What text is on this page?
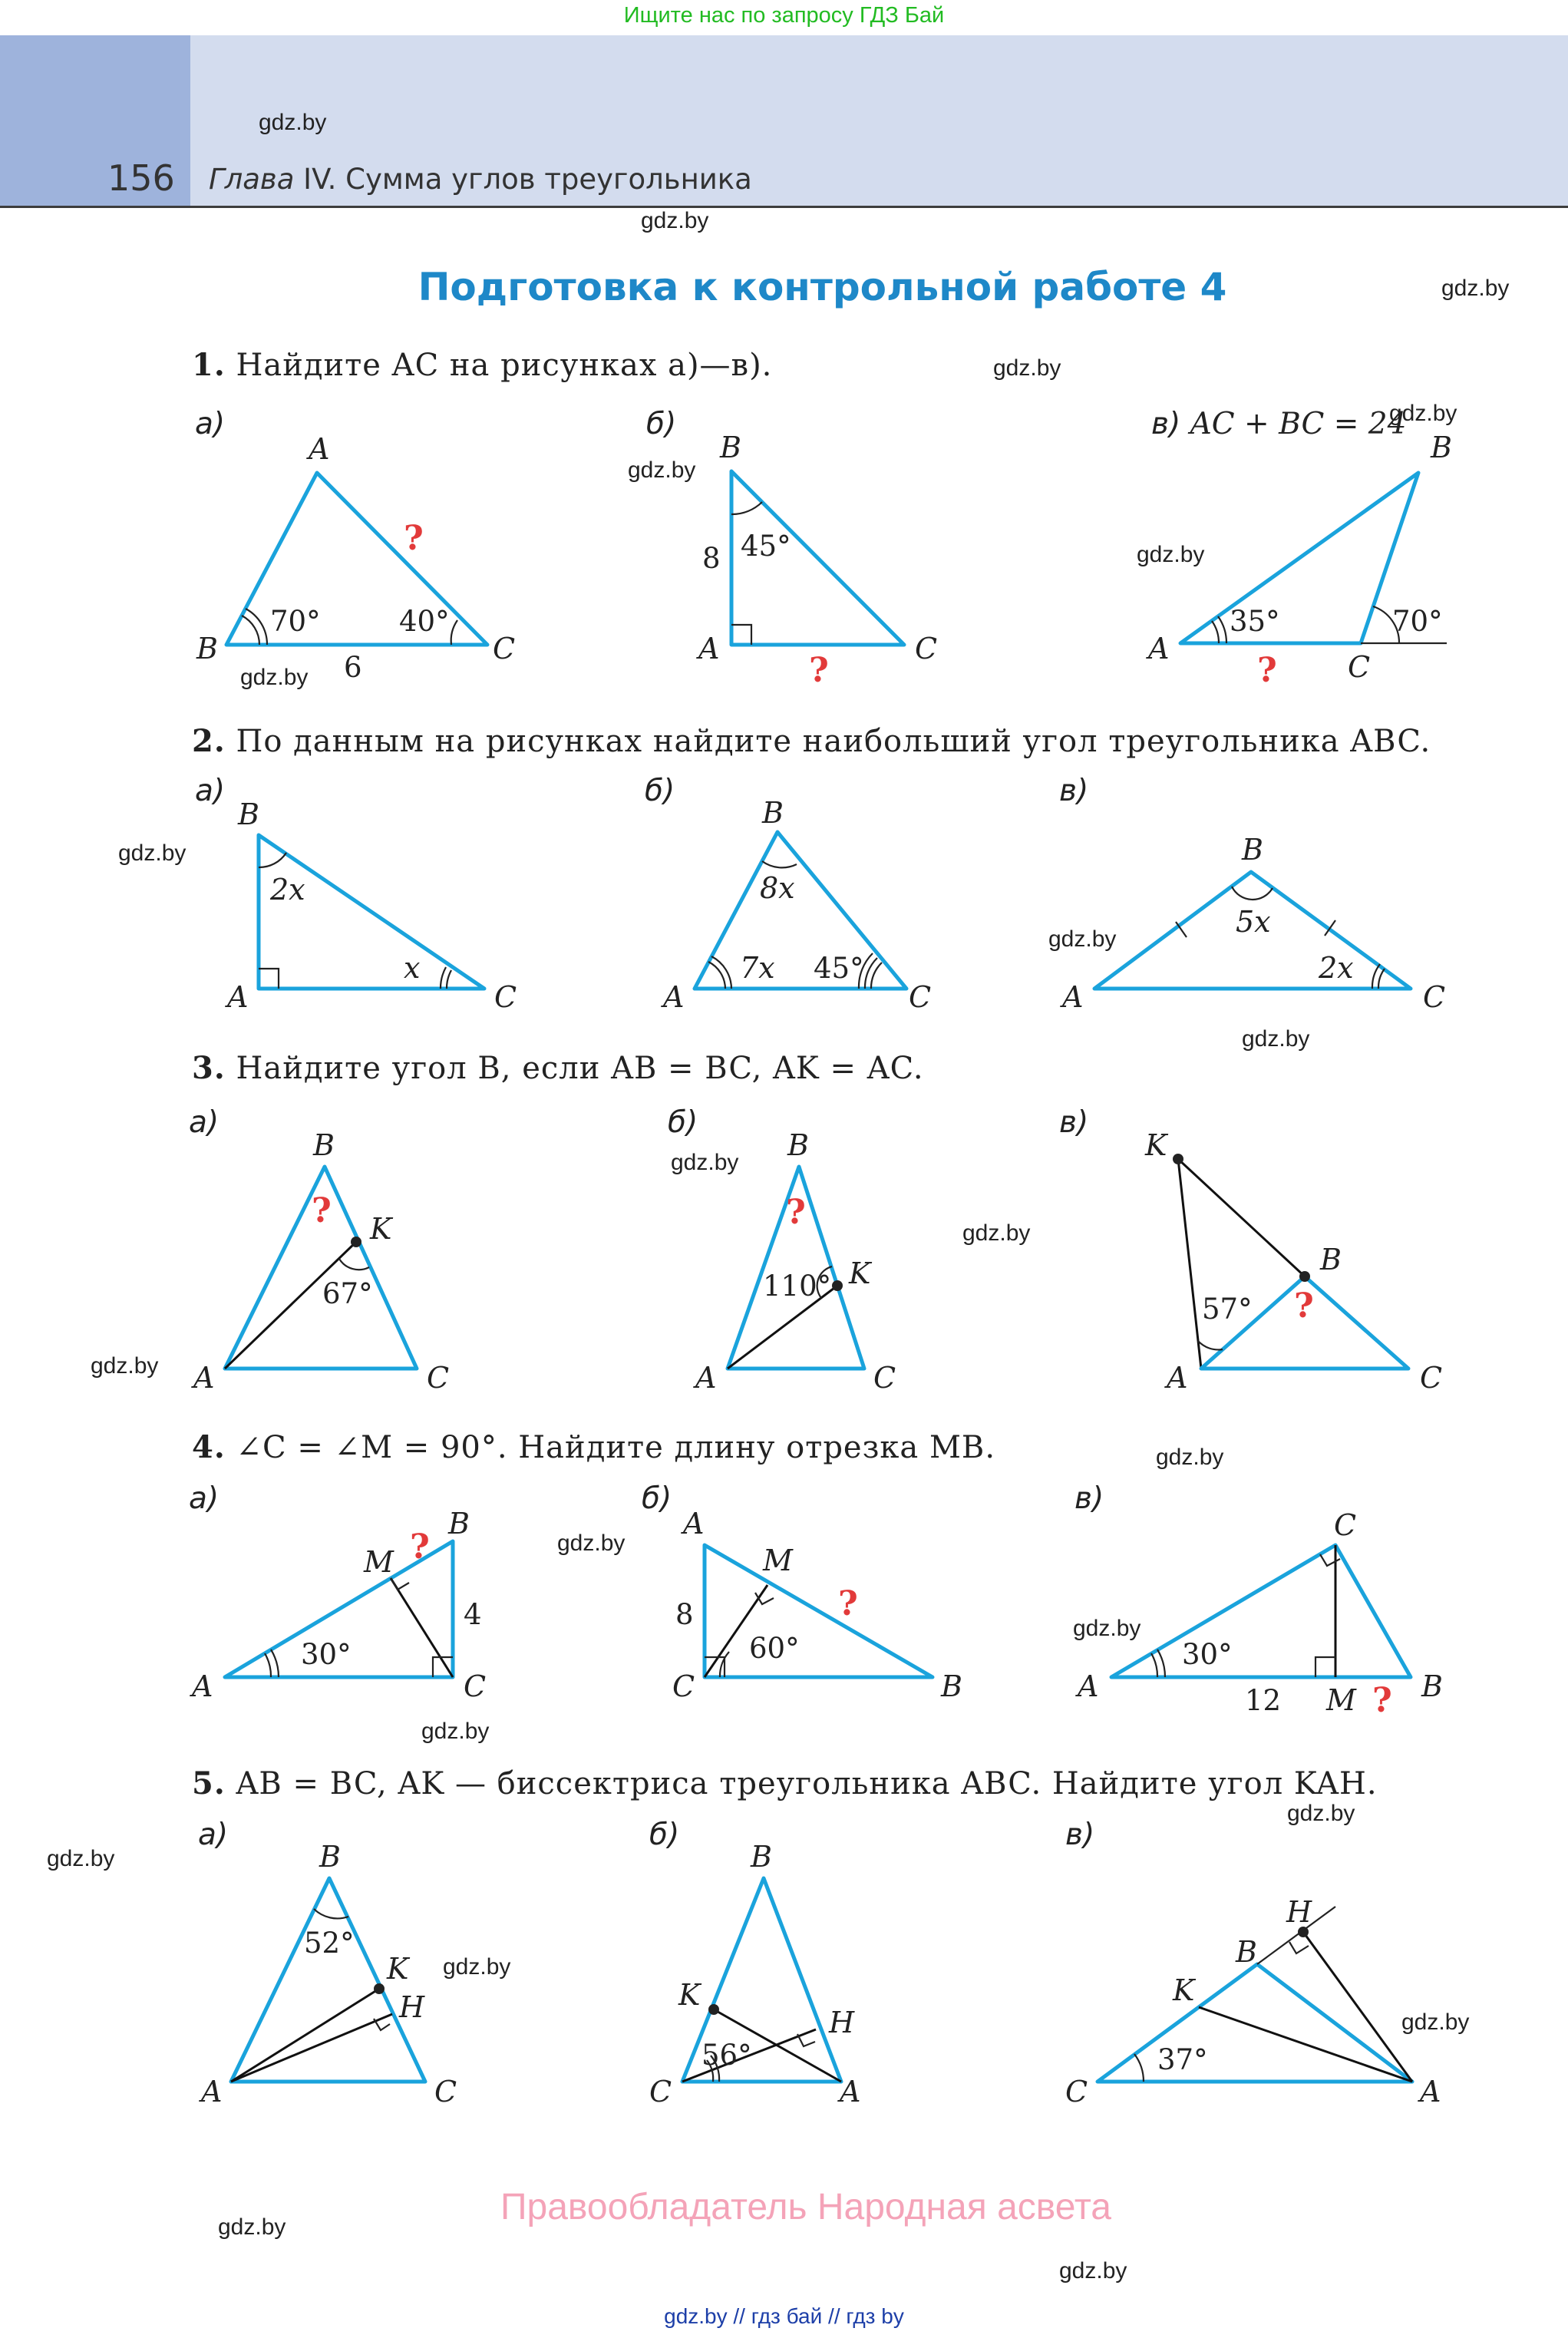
Ищите нас по запросу ГДЗ Бай
156 Глава IV. Сумма углов треугольника
Подготовка к контрольной работе 4
gdz.by
gdz.by
gdz.by
gdz.by
gdz.by
gdz.by
gdz.by
gdz.by
gdz.by
gdz.by
gdz.by
gdz.by
gdz.by
gdz.by
gdz.by
gdz.by
gdz.by
gdz.by
gdz.by
gdz.by
gdz.by
gdz.by
gdz.by
gdz.by
1. Найдите AC на рисунках а)—в).
2. По данным на рисунках найдите наибольший угол треугольника ABC.
3. Найдите угол B, если AB = BC, AK = AC.
4. ∠C = ∠M = 90°. Найдите длину отрезка MB.
5. AB = BC, AK — биссектриса треугольника ABC. Найдите угол KAH.
а)	б)	в) AC + BC = 24
а)	б)	в)
а)	б)	в)
а)	б)	в)
а)	б)	в)
A
B	C
70°	40°
6
?
B
A	C
45°
8
?
B
A
C
35°	70°
?
B
A	C
2x
x
B
A	C
8x
7x 45°
B
A	C
5x
2x
B
A	C
K
67°
?
B
A	C
K
110°
?
K
B
A	C
57° ?
A
B
C
M
4
30°
?
A
C	B
M
8
60°
?
A
C
B
M
12
30°
?
B
A	C
K
H
52°
B
C	A
K
H
56°
H
B
K
C	A
37°
Правообладатель Народная асвета
gdz.by // гдз бай // гдз by
